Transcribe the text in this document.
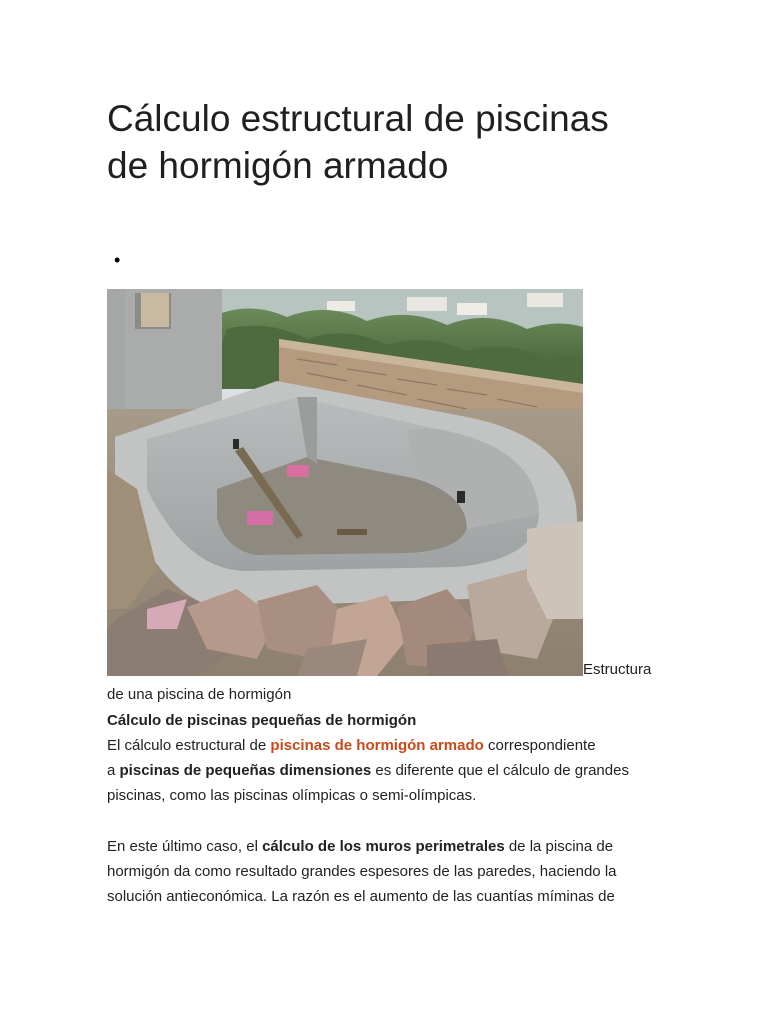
Cálculo estructural de piscinas
de hormigón armado
•
Estructura
de una piscina de hormigón
Cálculo de piscinas pequeñas de hormigón
El cálculo estructural de piscinas de hormigón armado correspondiente
a piscinas de pequeñas dimensiones es diferente que el cálculo de grandes
piscinas, como las piscinas olímpicas o semi-olímpicas.
En este último caso, el cálculo de los muros perimetrales de la piscina de
hormigón da como resultado grandes espesores de las paredes, haciendo la
solución antieconómica. La razón es el aumento de las cuantías míminas de
